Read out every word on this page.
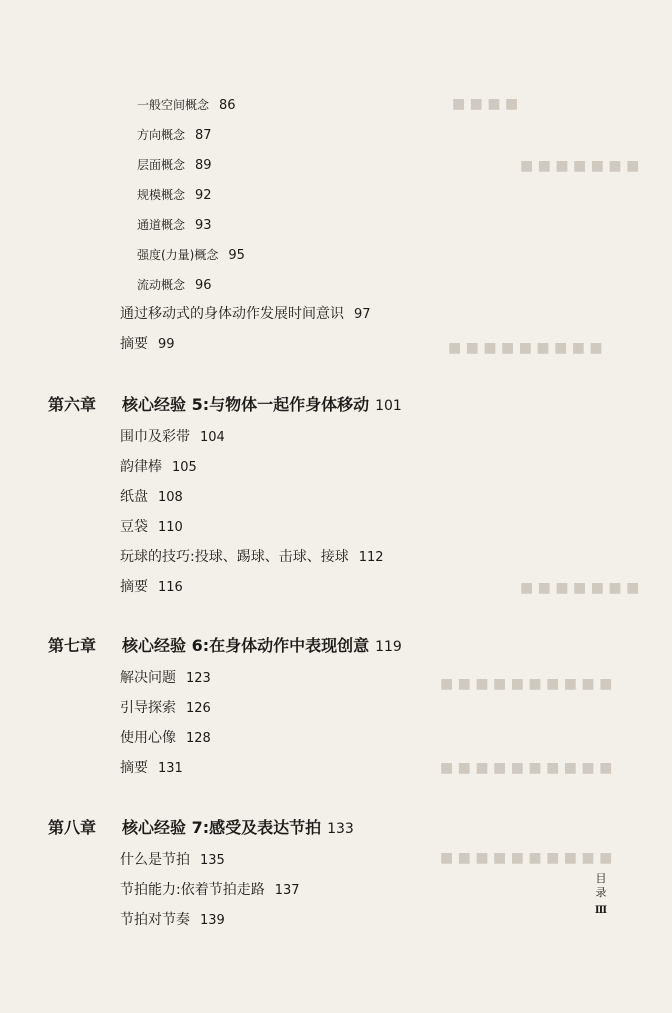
■ ■ ■ ■
■ ■ ■ ■ ■ ■ ■
■ ■ ■ ■ ■ ■ ■ ■ ■
■ ■ ■ ■ ■ ■ ■
■ ■ ■ ■ ■ ■ ■ ■ ■ ■
■ ■ ■ ■ ■ ■ ■ ■ ■ ■
■ ■ ■ ■ ■ ■ ■ ■ ■ ■
一般空间概念 86
方向概念 87
层面概念 89
规模概念 92
通道概念 93
强度(力量)概念 95
流动概念 96
通过移动式的身体动作发展时间意识 97
摘要 99
第六章 核心经验 5:与物体一起作身体移动 101
围巾及彩带 104
韵律棒 105
纸盘 108
豆袋 110
玩球的技巧:投球、踢球、击球、接球 112
摘要 116
第七章 核心经验 6:在身体动作中表现创意 119
解决问题 123
引导探索 126
使用心像 128
摘要 131
第八章 核心经验 7:感受及表达节拍 133
什么是节拍 135
节拍能力:依着节拍走路 137
节拍对节奏 139
目
录
Ⅲ
